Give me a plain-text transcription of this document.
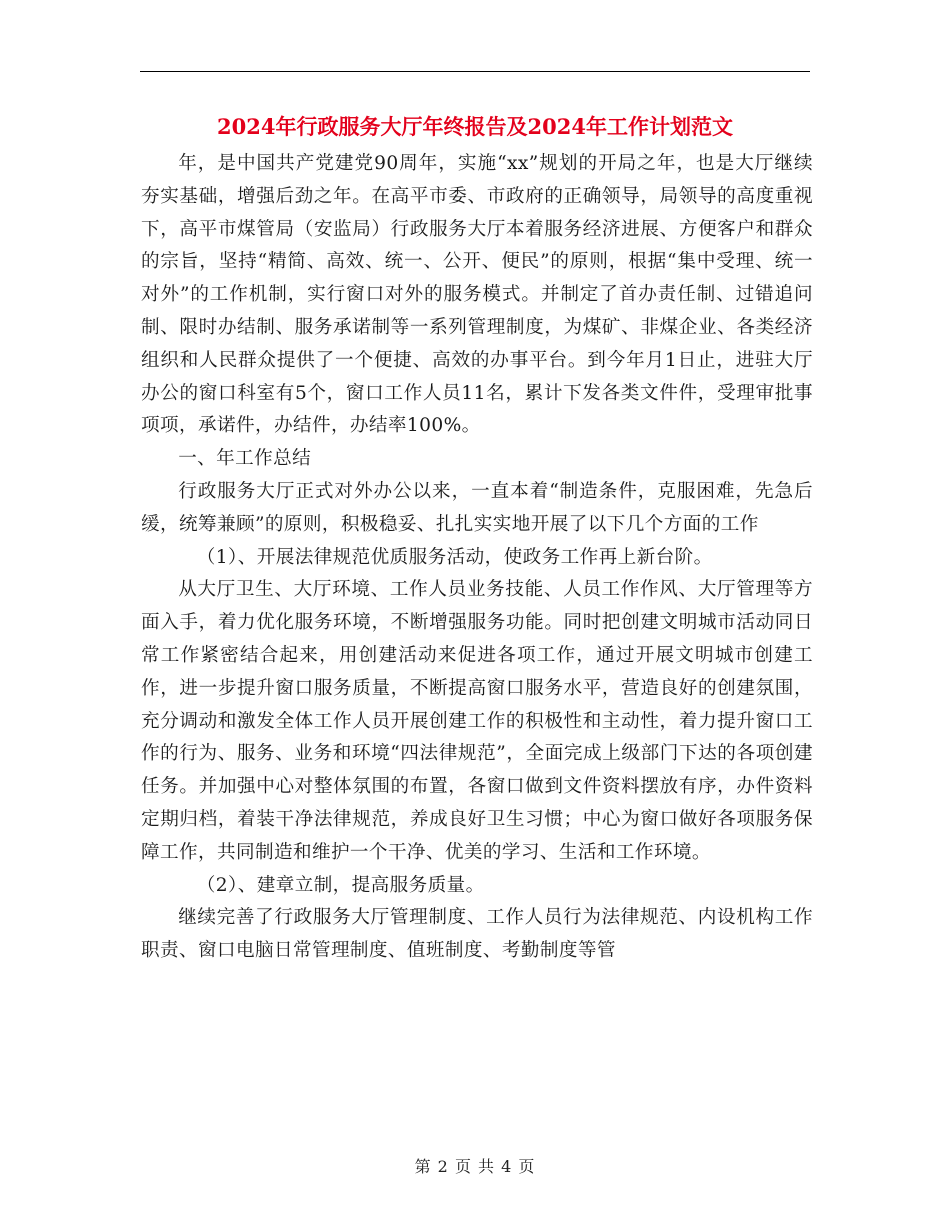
2024年行政服务大厅年终报告及2024年工作计划范文

年，是中国共产党建党90周年，实施“xx”规划的开局之年，也是大厅继续夯实基础，增强后劲之年。在高平市委、市政府的正确领导，局领导的高度重视下，高平市煤管局（安监局）行政服务大厅本着服务经济进展、方便客户和群众的宗旨，坚持“精简、高效、统一、公开、便民”的原则，根据“集中受理、统一对外”的工作机制，实行窗口对外的服务模式。并制定了首办责任制、过错追问制、限时办结制、服务承诺制等一系列管理制度，为煤矿、非煤企业、各类经济组织和人民群众提供了一个便捷、高效的办事平台。到今年月1日止，进驻大厅办公的窗口科室有5个，窗口工作人员11名，累计下发各类文件件，受理审批事项项，承诺件，办结件，办结率100%。

一、年工作总结

行政服务大厅正式对外办公以来，一直本着“制造条件，克服困难，先急后缓，统筹兼顾”的原则，积极稳妥、扎扎实实地开展了以下几个方面的工作

（1）、开展法律规范优质服务活动，使政务工作再上新台阶。

从大厅卫生、大厅环境、工作人员业务技能、人员工作作风、大厅管理等方面入手，着力优化服务环境，不断增强服务功能。同时把创建文明城市活动同日常工作紧密结合起来，用创建活动来促进各项工作，通过开展文明城市创建工作，进一步提升窗口服务质量，不断提高窗口服务水平，营造良好的创建氛围，充分调动和激发全体工作人员开展创建工作的积极性和主动性，着力提升窗口工作的行为、服务、业务和环境“四法律规范”，全面完成上级部门下达的各项创建任务。并加强中心对整体氛围的布置，各窗口做到文件资料摆放有序，办件资料定期归档，着装干净法律规范，养成良好卫生习惯；中心为窗口做好各项服务保障工作，共同制造和维护一个干净、优美的学习、生活和工作环境。

（2）、建章立制，提高服务质量。

继续完善了行政服务大厅管理制度、工作人员行为法律规范、内设机构工作职责、窗口电脑日常管理制度、值班制度、考勤制度等管

第 2 页 共 4 页
